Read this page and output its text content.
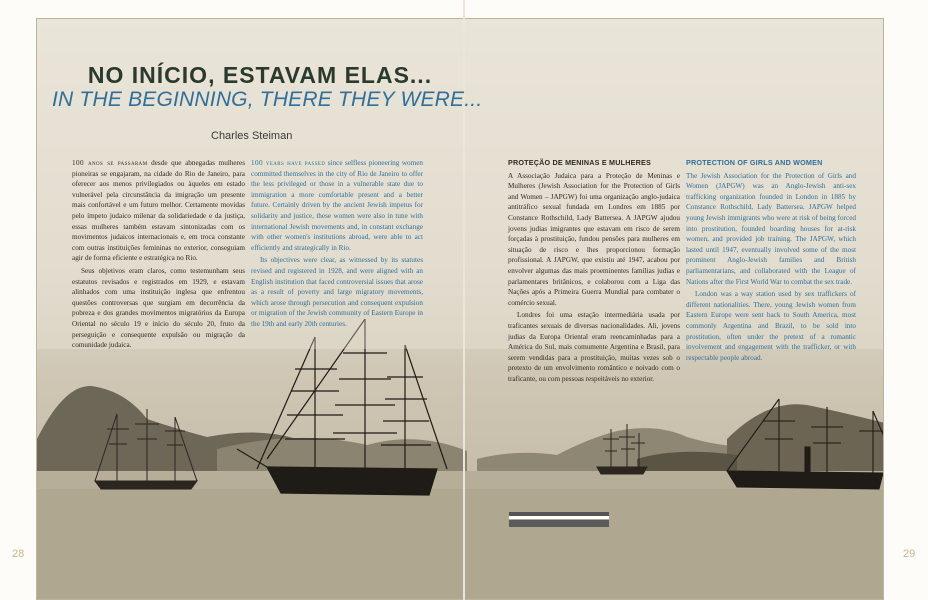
NO INÍCIO, ESTAVAM ELAS...
IN THE BEGINNING, THERE THEY WERE...
Charles Steiman

100 anos se passaram desde que abnegadas mulheres pioneiras se engajaram, na cidade do Rio de Janeiro, para oferecer aos menos privilegiados ou àqueles em estado vulnerável pela circunstância da imigração um presente mais confortável e um futuro melhor. Certamente movidas pelo ímpeto judaico milenar da solidariedade e da justiça, essas mulheres também estavam sintonizadas com os movimentos judaicos internacionais e, em troca constante com outras instituições femininas no exterior, conseguiam agir de forma eficiente e estratégica no Rio.

Seus objetivos eram claros, como testemunham seus estatutos revisados e registrados em 1929, e estavam alinhados com uma instituição inglesa que enfrentou questões controversas que surgiam em decorrência da pobreza e dos grandes movimentos migratórios da Europa Oriental no século 19 e início do século 20, fruto da perseguição e consequente expulsão ou migração da comunidade judaica.

100 years have passed since selfless pioneering women committed themselves in the city of Rio de Janeiro to offer the less privileged or those in a vulnerable state due to immigration a more comfortable present and a better future. Certainly driven by the ancient Jewish impetus for solidarity and justice, these women were also in tune with international Jewish movements and, in constant exchange with other women's institutions abroad, were able to act efficiently and strategically in Rio.

Its objectives were clear, as witnessed by its statutes revised and registered in 1928, and were aligned with an English institution that faced controversial issues that arose as a result of poverty and large migratory movements, which arose through persecution and consequent expulsion or migration of the Jewish community of Eastern Europe in the 19th and early 20th centuries.

PROTEÇÃO DE MENINAS E MULHERES

A Associação Judaica para a Proteção de Meninas e Mulheres (Jewish Association for the Protection of Girls and Women – JAPGW) foi uma organização anglo-judaica antitráfico sexual fundada em Londres em 1885 por Constance Rothschild, Lady Battersea. A JAPGW ajudou jovens judias imigrantes que estavam em risco de serem forçadas à prostituição, fundou pensões para mulheres em situação de risco e lhes proporcionou formação profissional. A JAPGW, que existiu até 1947, acabou por envolver algumas das mais proeminentes famílias judias e parlamentares britânicos, e colaborou com a Liga das Nações após a Primeira Guerra Mundial para combater o comércio sexual.

Londres foi uma estação intermediária usada por traficantes sexuais de diversas nacionalidades. Ali, jovens judias da Europa Oriental eram reencaminhadas para a América do Sul, mais comumente Argentina e Brasil, para serem vendidas para a prostituição, muitas vezes sob o pretexto de um envolvimento romântico e noivado com o traficante, ou com pessoas respeitáveis no exterior.

PROTECTION OF GIRLS AND WOMEN

The Jewish Association for the Protection of Girls and Women (JAPGW) was an Anglo-Jewish anti-sex trafficking organization founded in London in 1885 by Constance Rothschild, Lady Battersea. JAPGW helped young Jewish immigrants who were at risk of being forced into prostitution, founded boarding houses for at-risk women, and provided job training. The JAPGW, which lasted until 1947, eventually involved some of the most prominent Anglo-Jewish families and British parliamentarians, and collaborated with the League of Nations after the First World War to combat the sex trade.

London was a way station used by sex traffickers of different nationalities. There, young Jewish women from Eastern Europe were sent back to South America, most commonly Argentina and Brazil, to be sold into prostitution, often under the pretext of a romantic involvement and engagement with the trafficker, or with respectable people abroad.

28	29
